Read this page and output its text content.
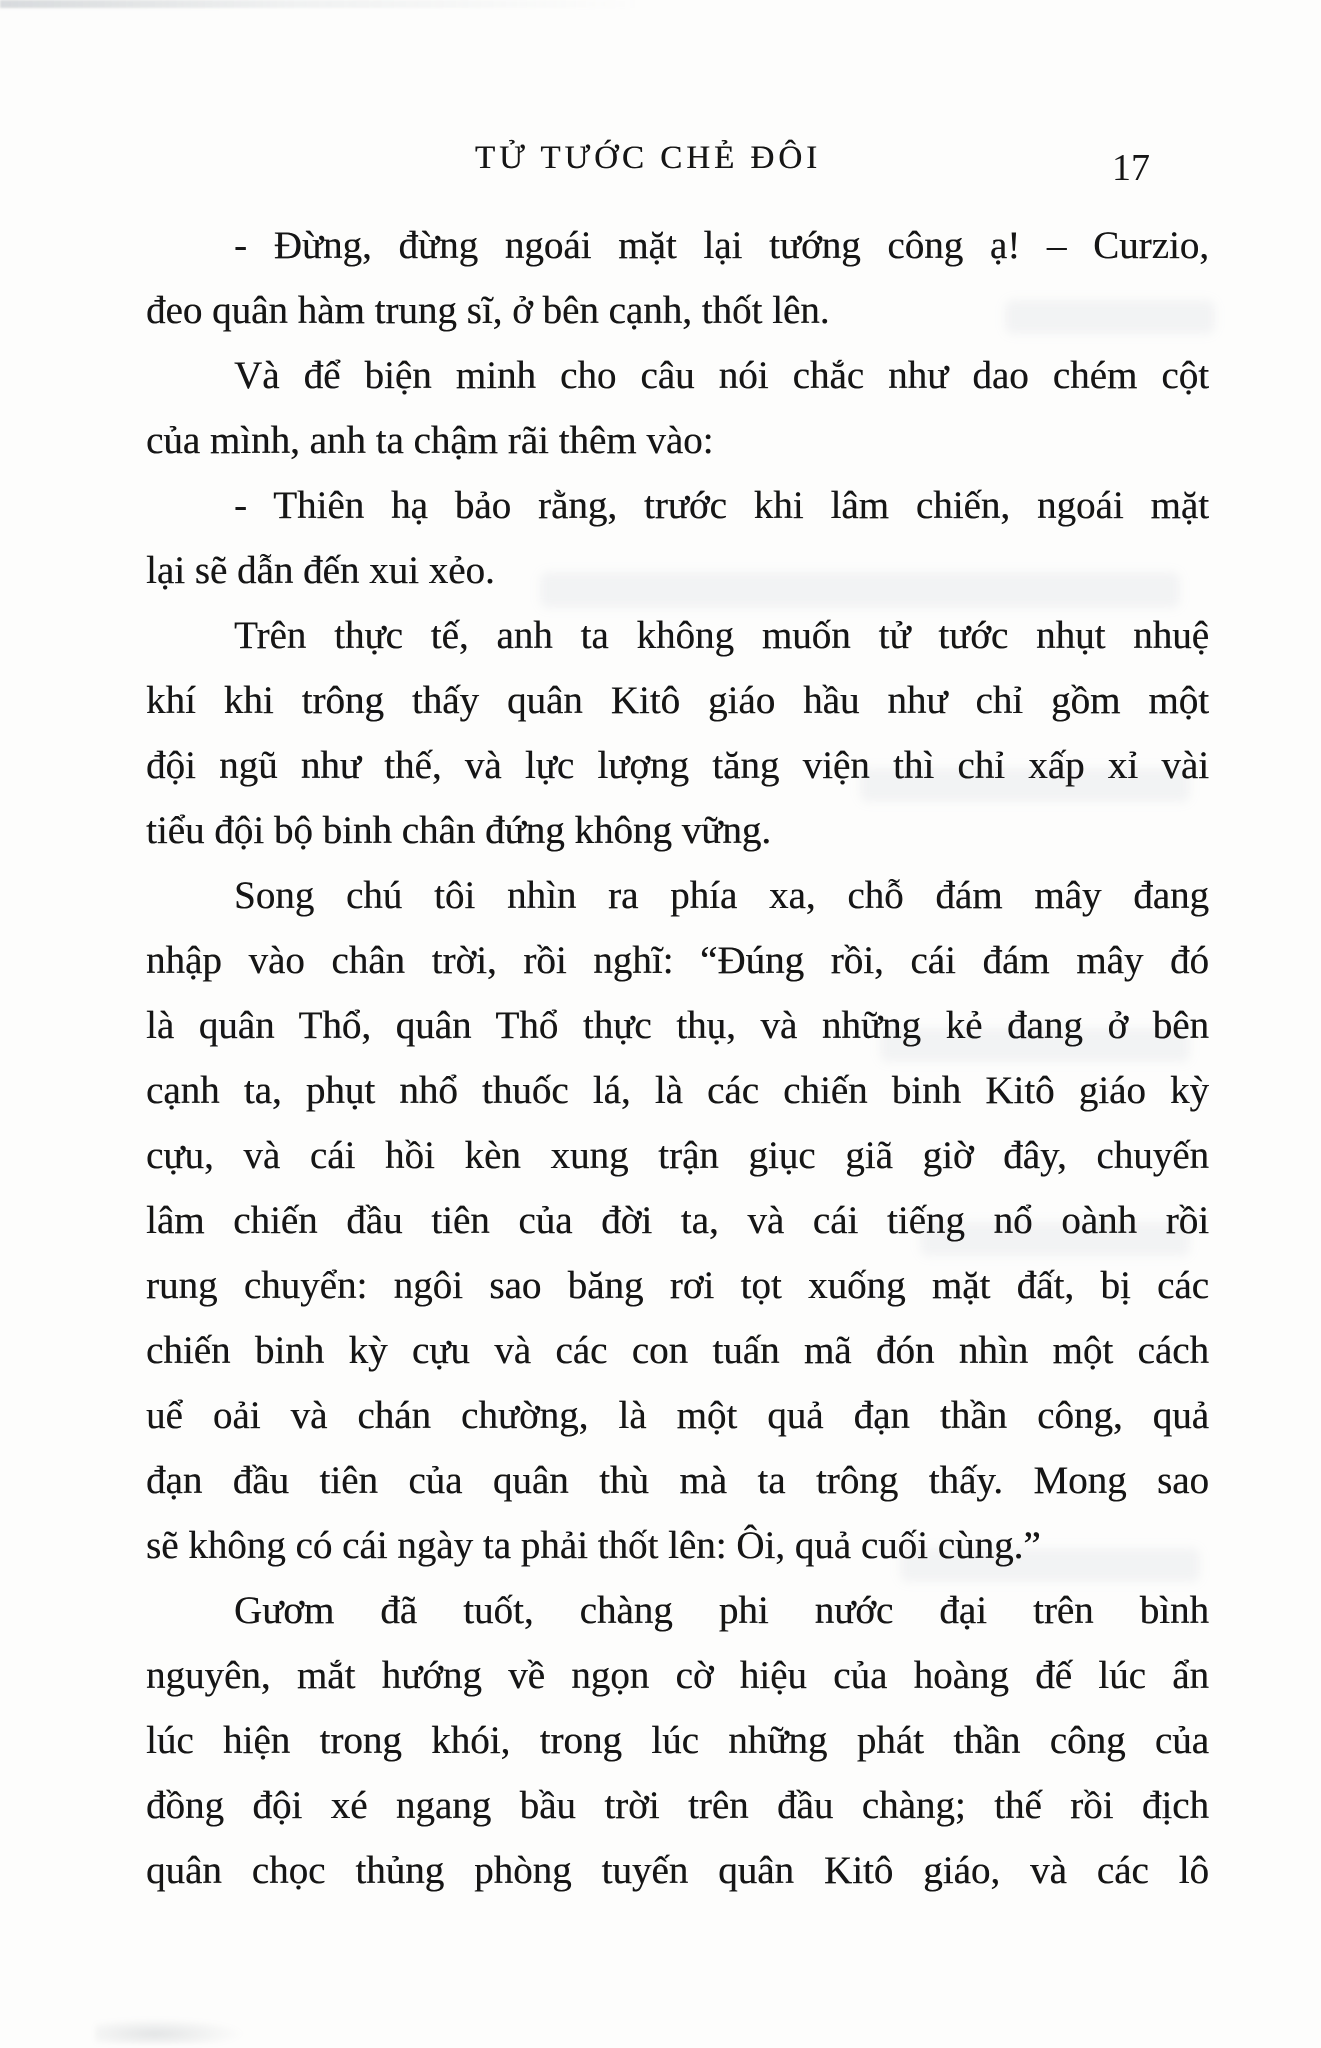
TỬ TƯỚC CHẺ ĐÔI	17
- Đừng, đừng ngoái mặt lại tướng công ạ! – Curzio,
đeo quân hàm trung sĩ, ở bên cạnh, thốt lên.
Và để biện minh cho câu nói chắc như dao chém cột
của mình, anh ta chậm rãi thêm vào:
- Thiên hạ bảo rằng, trước khi lâm chiến, ngoái mặt
lại sẽ dẫn đến xui xẻo.
Trên thực tế, anh ta không muốn tử tước nhụt nhuệ
khí khi trông thấy quân Kitô giáo hầu như chỉ gồm một
đội ngũ như thế, và lực lượng tăng viện thì chỉ xấp xỉ vài
tiểu đội bộ binh chân đứng không vững.
Song chú tôi nhìn ra phía xa, chỗ đám mây đang
nhập vào chân trời, rồi nghĩ: “Đúng rồi, cái đám mây đó
là quân Thổ, quân Thổ thực thụ, và những kẻ đang ở bên
cạnh ta, phụt nhổ thuốc lá, là các chiến binh Kitô giáo kỳ
cựu, và cái hồi kèn xung trận giục giã giờ đây, chuyến
lâm chiến đầu tiên của đời ta, và cái tiếng nổ oành rồi
rung chuyển: ngôi sao băng rơi tọt xuống mặt đất, bị các
chiến binh kỳ cựu và các con tuấn mã đón nhìn một cách
uể oải và chán chường, là một quả đạn thần công, quả
đạn đầu tiên của quân thù mà ta trông thấy. Mong sao
sẽ không có cái ngày ta phải thốt lên: Ôi, quả cuối cùng.”
Gươm đã tuốt, chàng phi nước đại trên bình
nguyên, mắt hướng về ngọn cờ hiệu của hoàng đế lúc ẩn
lúc hiện trong khói, trong lúc những phát thần công của
đồng đội xé ngang bầu trời trên đầu chàng; thế rồi địch
quân chọc thủng phòng tuyến quân Kitô giáo, và các lô
